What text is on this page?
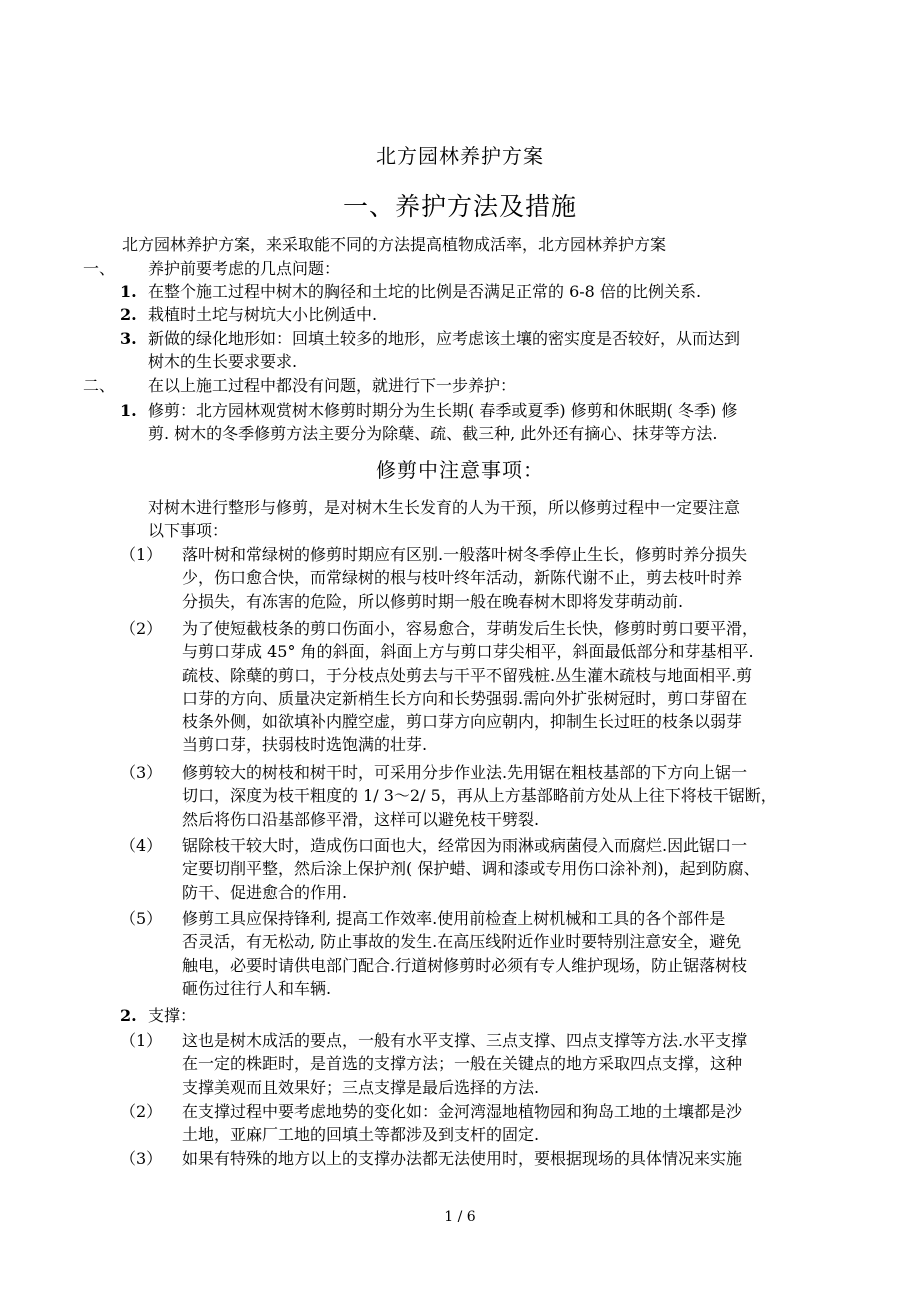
北方园林养护方案
一、养护方法及措施
北方园林养护方案，来采取能不同的方法提高植物成活率，北方园林养护方案
一、 养护前要考虑的几点问题：
1. 在整个施工过程中树木的胸径和土坨的比例是否满足正常的 6-8 倍的比例关系.
2. 栽植时土坨与树坑大小比例适中.
3. 新做的绿化地形如：回填土较多的地形，应考虑该土壤的密实度是否较好，从而达到
树木的生长要求要求.
二、 在以上施工过程中都没有问题，就进行下一步养护：
1. 修剪：北方园林观赏树木修剪时期分为生长期( 春季或夏季) 修剪和休眠期( 冬季) 修
剪. 树木的冬季修剪方法主要分为除蘖、疏、截三种, 此外还有摘心、抹芽等方法.
修剪中注意事项：
对树木进行整形与修剪，是对树木生长发育的人为干预，所以修剪过程中一定要注意
以下事项：
（1） 落叶树和常绿树的修剪时期应有区别.一般落叶树冬季停止生长，修剪时养分损失
少，伤口愈合快，而常绿树的根与枝叶终年活动，新陈代谢不止，剪去枝叶时养
分损失，有冻害的危险，所以修剪时期一般在晚春树木即将发芽萌动前.
（2） 为了使短截枝条的剪口伤面小，容易愈合，芽萌发后生长快，修剪时剪口要平滑，
与剪口芽成 45° 角的斜面，斜面上方与剪口芽尖相平，斜面最低部分和芽基相平.
疏枝、除蘖的剪口，于分枝点处剪去与干平不留残桩.丛生灌木疏枝与地面相平.剪
口芽的方向、质量决定新梢生长方向和长势强弱.需向外扩张树冠时，剪口芽留在
枝条外侧，如欲填补内膛空虚，剪口芽方向应朝内，抑制生长过旺的枝条以弱芽
当剪口芽，扶弱枝时选饱满的壮芽.
（3） 修剪较大的树枝和树干时，可采用分步作业法.先用锯在粗枝基部的下方向上锯一
切口，深度为枝干粗度的 1/ 3～2/ 5，再从上方基部略前方处从上往下将枝干锯断，
然后将伤口沿基部修平滑，这样可以避免枝干劈裂.
（4） 锯除枝干较大时，造成伤口面也大，经常因为雨淋或病菌侵入而腐烂.因此锯口一
定要切削平整，然后涂上保护剂( 保护蜡、调和漆或专用伤口涂补剂)，起到防腐、
防干、促进愈合的作用.
（5） 修剪工具应保持锋利, 提高工作效率.使用前检查上树机械和工具的各个部件是
否灵活，有无松动, 防止事故的发生.在高压线附近作业时要特别注意安全，避免
触电，必要时请供电部门配合.行道树修剪时必须有专人维护现场，防止锯落树枝
砸伤过往行人和车辆.
2. 支撑：
（1） 这也是树木成活的要点，一般有水平支撑、三点支撑、四点支撑等方法.水平支撑
在一定的株距时，是首选的支撑方法；一般在关键点的地方采取四点支撑，这种
支撑美观而且效果好；三点支撑是最后选择的方法.
（2） 在支撑过程中要考虑地势的变化如：金河湾湿地植物园和狗岛工地的土壤都是沙
土地，亚麻厂工地的回填土等都涉及到支杆的固定.
（3） 如果有特殊的地方以上的支撑办法都无法使用时，要根据现场的具体情况来实施
1 / 6
